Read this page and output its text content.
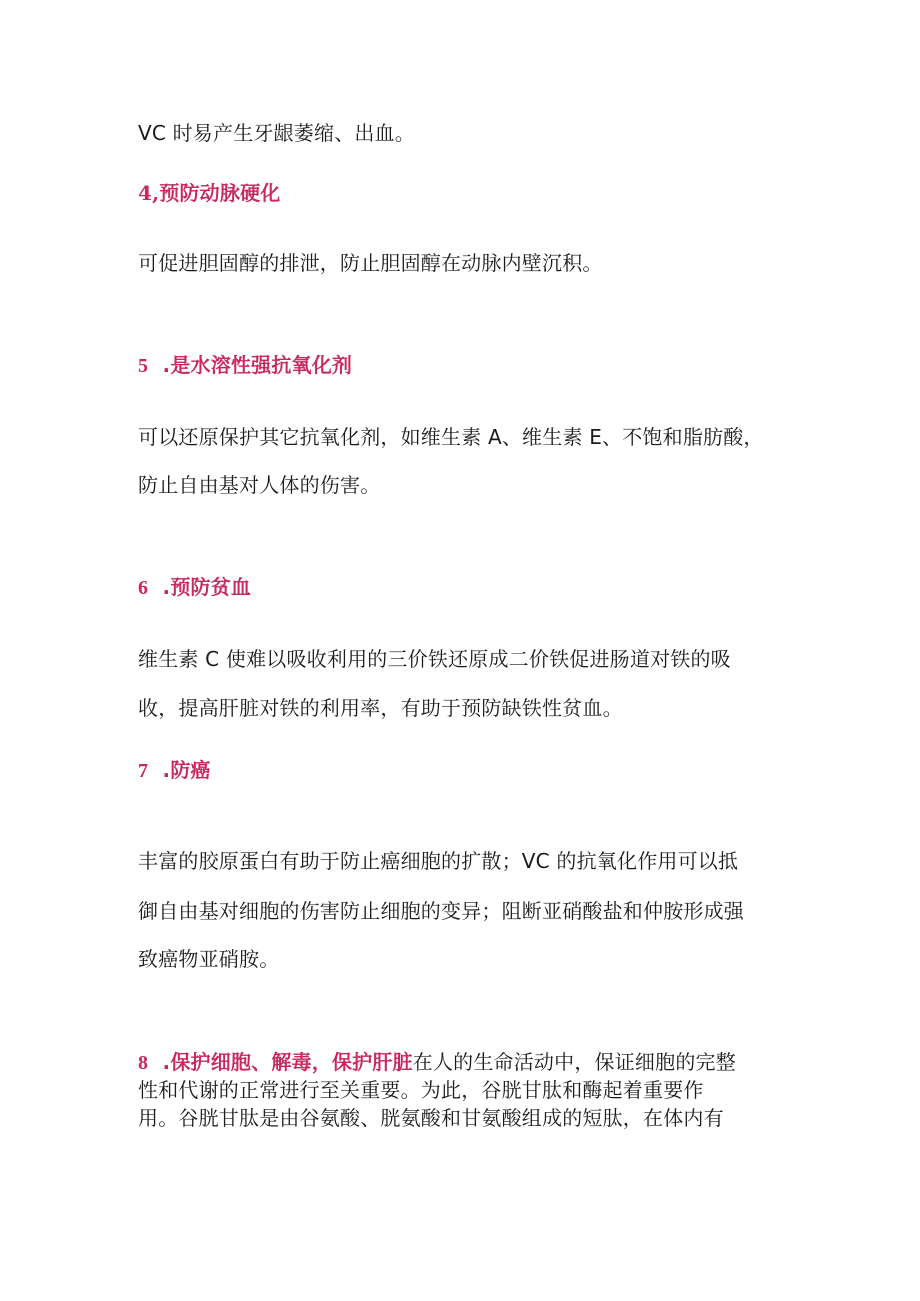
VC 时易产生牙龈萎缩、出血。
4,预防动脉硬化
可促进胆固醇的排泄，防止胆固醇在动脉内壁沉积。
5 .是水溶性强抗氧化剂
可以还原保护其它抗氧化剂，如维生素 A、维生素 E、不饱和脂肪酸，
防止自由基对人体的伤害。
6 .预防贫血
维生素 C 使难以吸收利用的三价铁还原成二价铁促进肠道对铁的吸
收，提高肝脏对铁的利用率，有助于预防缺铁性贫血。
7 .防癌
丰富的胶原蛋白有助于防止癌细胞的扩散；VC 的抗氧化作用可以抵
御自由基对细胞的伤害防止细胞的变异；阻断亚硝酸盐和仲胺形成强
致癌物亚硝胺。
8 .保护细胞、解毒，保护肝脏在人的生命活动中，保证细胞的完整
性和代谢的正常进行至关重要。为此，谷胱甘肽和酶起着重要作
用。谷胱甘肽是由谷氨酸、胱氨酸和甘氨酸组成的短肽，在体内有
